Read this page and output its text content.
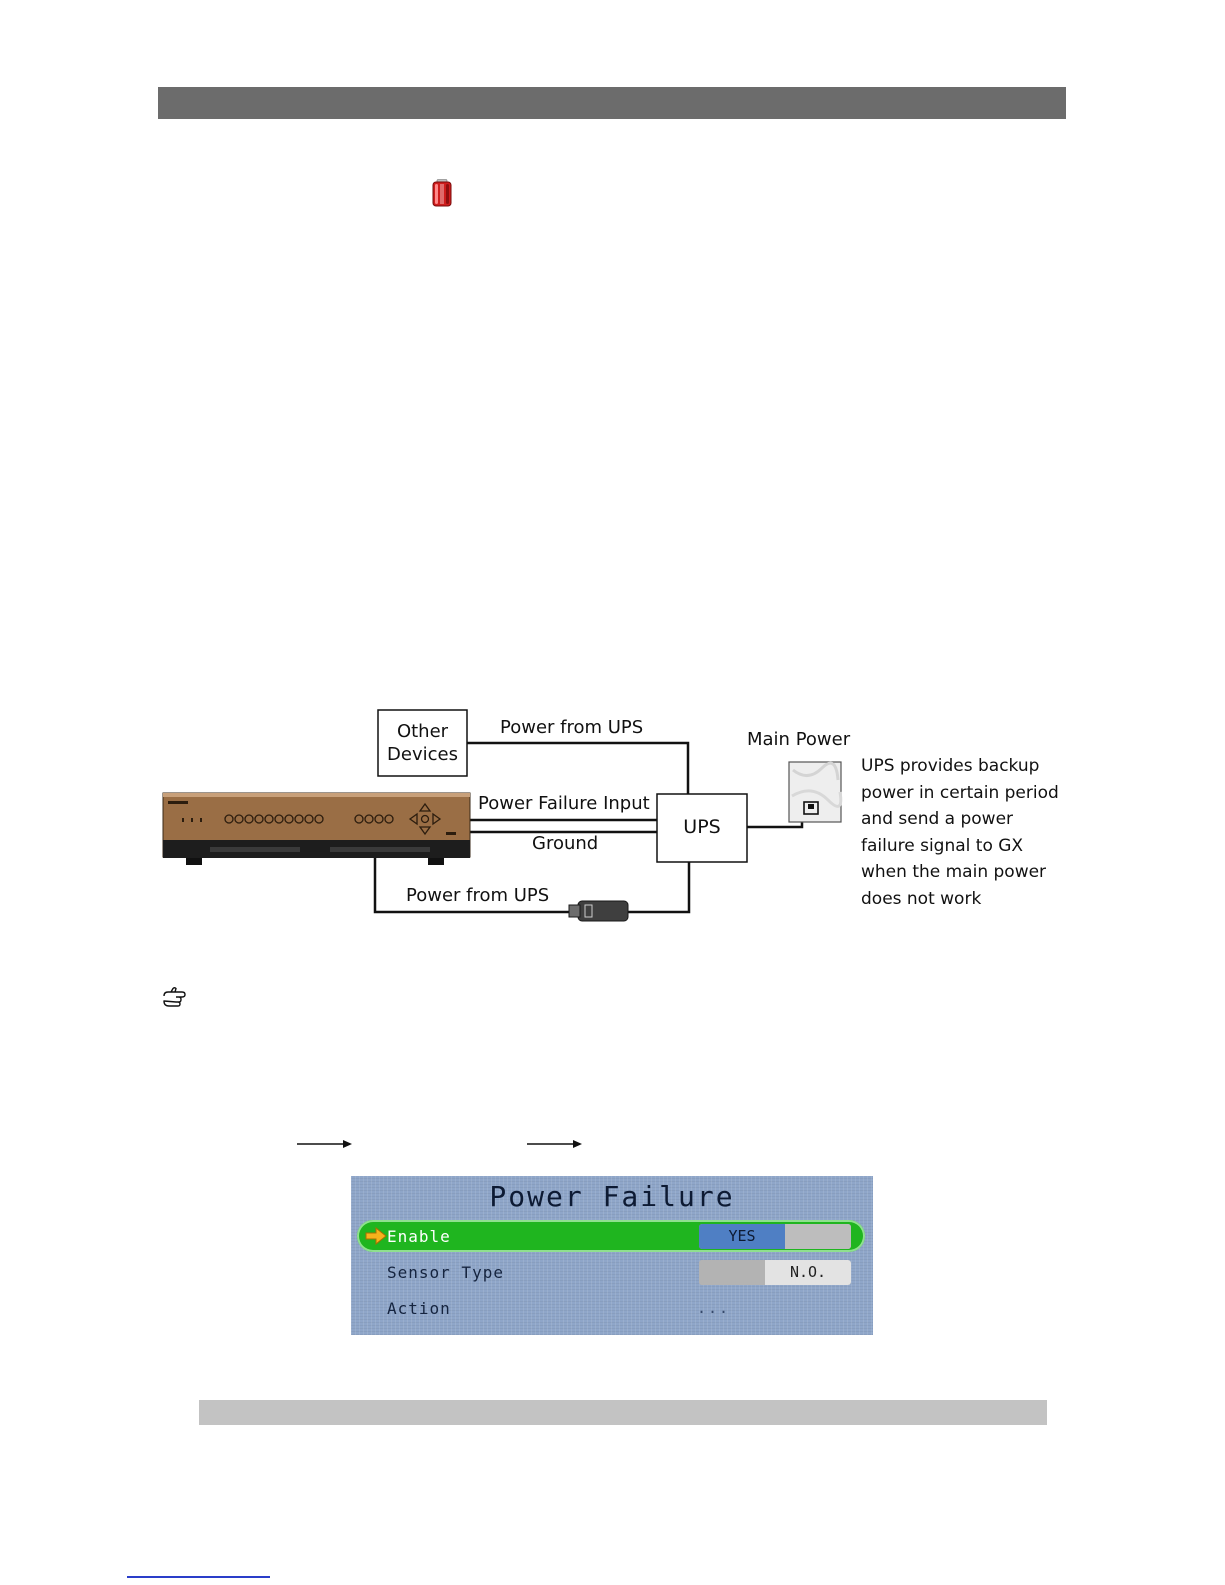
Other
Devices
Power from UPS
Main Power
Power Failure Input
UPS
Ground
Power from UPS
UPS provides backup
power in certain period
and send a power
failure signal to GX
when the main power
does not work
Power Failure
Enable	YES
Sensor Type	N.O.
Action	...
